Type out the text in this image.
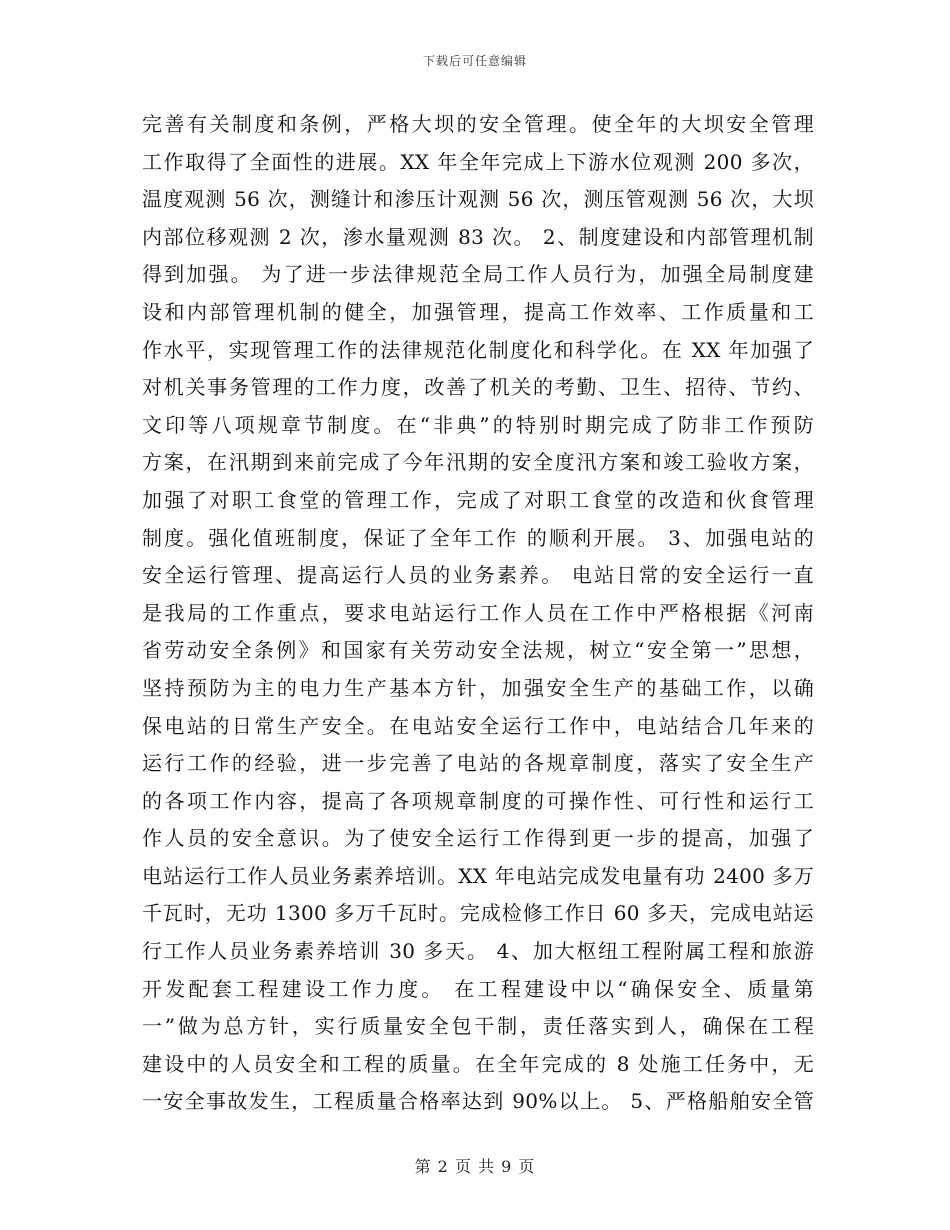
下载后可任意编辑
完善有关制度和条例，严格大坝的安全管理。使全年的大坝安全管理
工作取得了全面性的进展。XX 年全年完成上下游水位观测 200 多次，
温度观测 56 次，测缝计和渗压计观测 56 次，测压管观测 56 次，大坝
内部位移观测 2 次，渗水量观测 83 次。 2、制度建设和内部管理机制
得到加强。 为了进一步法律规范全局工作人员行为，加强全局制度建
设和内部管理机制的健全，加强管理，提高工作效率、工作质量和工
作水平，实现管理工作的法律规范化制度化和科学化。在 XX 年加强了
对机关事务管理的工作力度，改善了机关的考勤、卫生、招待、节约、
文印等八项规章节制度。在“非典”的特别时期完成了防非工作预防
方案，在汛期到来前完成了今年汛期的安全度汛方案和竣工验收方案，
加强了对职工食堂的管理工作，完成了对职工食堂的改造和伙食管理
制度。强化值班制度，保证了全年工作 的顺利开展。 3、加强电站的
安全运行管理、提高运行人员的业务素养。 电站日常的安全运行一直
是我局的工作重点，要求电站运行工作人员在工作中严格根据《河南
省劳动安全条例》和国家有关劳动安全法规，树立“安全第一”思想，
坚持预防为主的电力生产基本方针，加强安全生产的基础工作，以确
保电站的日常生产安全。在电站安全运行工作中，电站结合几年来的
运行工作的经验，进一步完善了电站的各规章制度，落实了安全生产
的各项工作内容，提高了各项规章制度的可操作性、可行性和运行工
作人员的安全意识。为了使安全运行工作得到更一步的提高，加强了
电站运行工作人员业务素养培训。XX 年电站完成发电量有功 2400 多万
千瓦时，无功 1300 多万千瓦时。完成检修工作日 60 多天，完成电站运
行工作人员业务素养培训 30 多天。 4、加大枢纽工程附属工程和旅游
开发配套工程建设工作力度。 在工程建设中以“确保安全、质量第
一”做为总方针，实行质量安全包干制，责任落实到人，确保在工程
建设中的人员安全和工程的质量。在全年完成的 8 处施工任务中，无
一安全事故发生，工程质量合格率达到 90%以上。 5、严格船舶安全管
第 2 页 共 9 页
